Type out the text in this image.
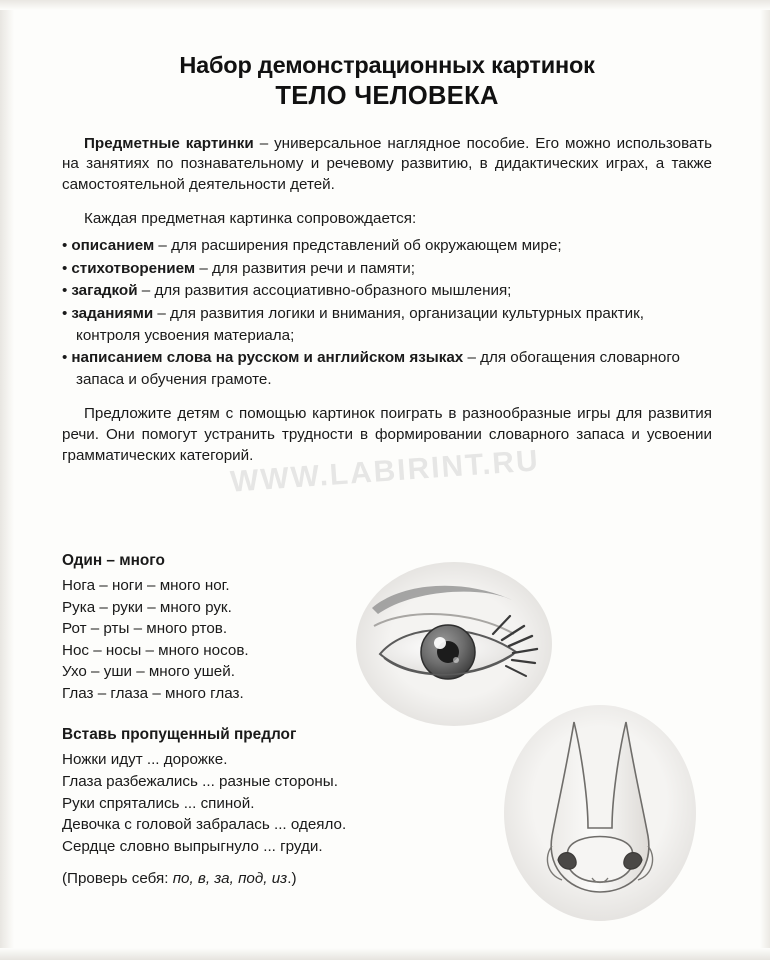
Набор демонстрационных картинок
ТЕЛО ЧЕЛОВЕКА

Предметные картинки – универсальное наглядное пособие. Его можно использовать на занятиях по познавательному и речевому развитию, в дидактических играх, а также самостоятельной деятельности детей.

Каждая предметная картинка сопровождается:

• описанием – для расширения представлений об окружающем мире;
• стихотворением – для развития речи и памяти;
• загадкой – для развития ассоциативно-образного мышления;
• заданиями – для развития логики и внимания, организации культурных практик, контроля усвоения материала;
• написанием слова на русском и английском языках – для обогащения словарного запаса и обучения грамоте.

Предложите детям с помощью картинок поиграть в разнообразные игры для развития речи. Они помогут устранить трудности в формировании словарного запаса и усвоении грамматических категорий.

WWW.LABIRINT.RU
Один – много

Нога – ноги – много ног.

Рука – руки – много рук.

Рот – рты – много ртов.

Нос – носы – много носов.

Ухо – уши – много ушей.

Глаз – глаза – много глаз.

Вставь пропущенный предлог

Ножки идут ... дорожке.

Глаза разбежались ... разные стороны.

Руки спрятались ... спиной.

Девочка с головой забралась ... одеяло.

Сердце словно выпрыгнуло ... груди.

(Проверь себя: по, в, за, под, из.)
